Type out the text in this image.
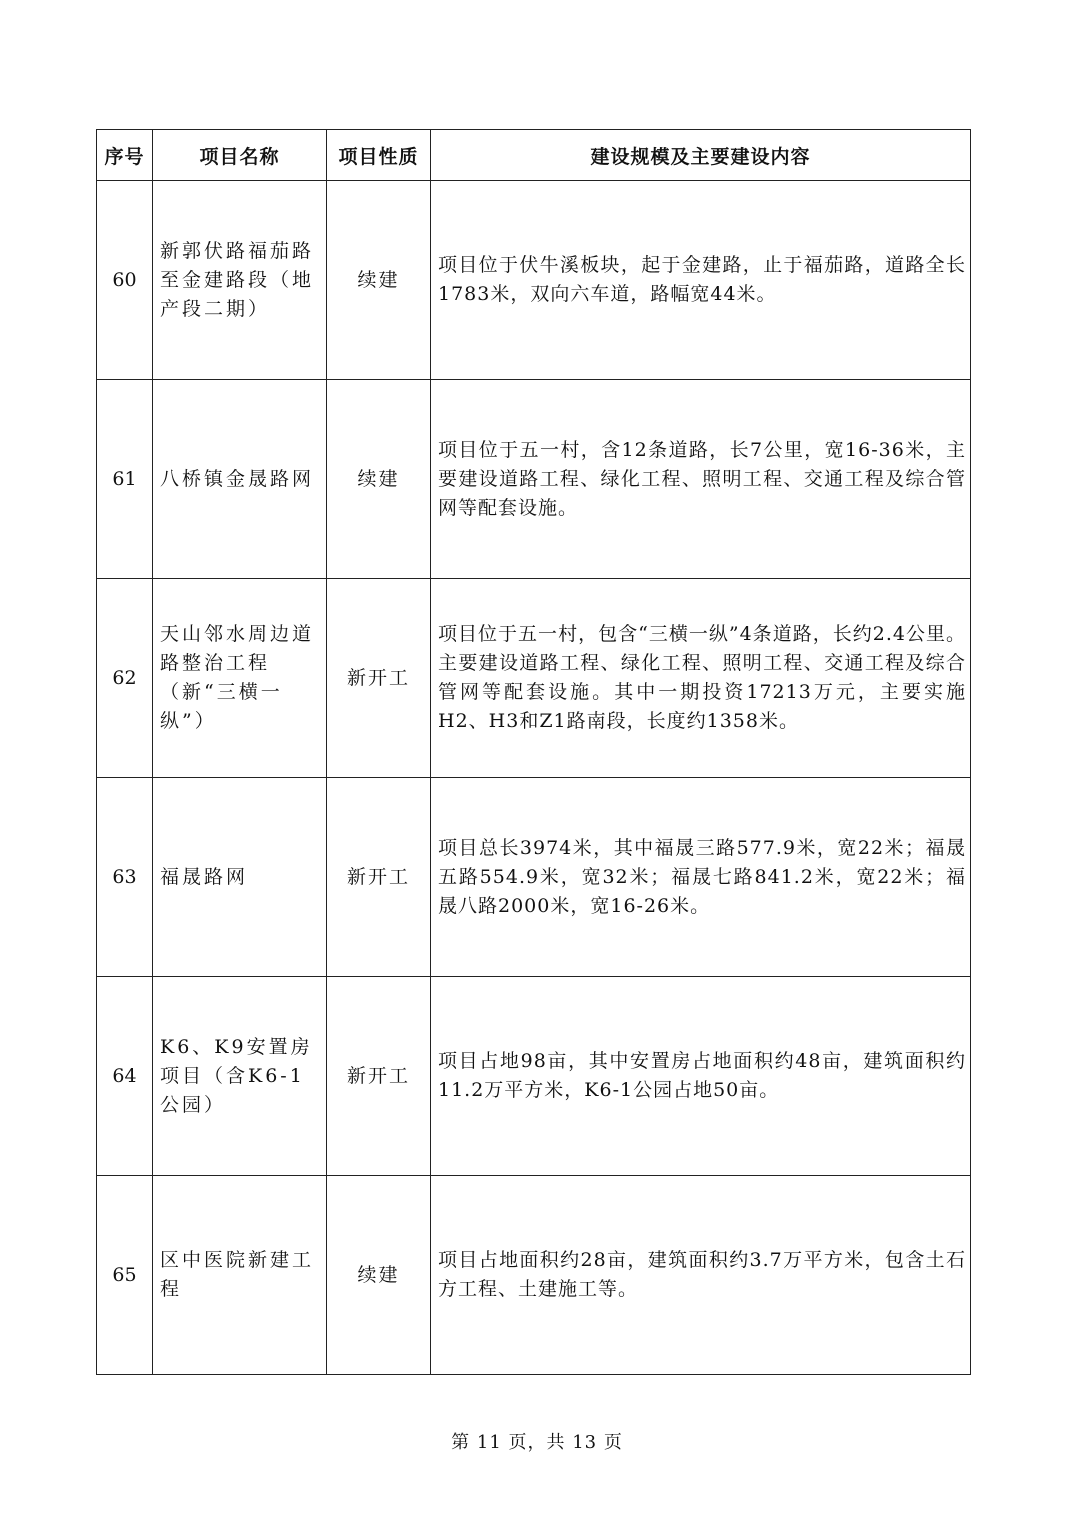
序号	项目名称	项目性质	建设规模及主要建设内容
60	新郭伏路福茄路至金建路段（地产段二期）	续建	项目位于伏牛溪板块，起于金建路，止于福茄路，道路全长1783米，双向六车道，路幅宽44米。
61	八桥镇金晟路网	续建	项目位于五一村，含12条道路，长7公里，宽16-36米，主要建设道路工程、绿化工程、照明工程、交通工程及综合管网等配套设施。
62	天山邻水周边道路整治工程（新“三横一纵”）	新开工	项目位于五一村，包含“三横一纵”4条道路，长约2.4公里。主要建设道路工程、绿化工程、照明工程、交通工程及综合管网等配套设施。其中一期投资17213万元，主要实施H2、H3和Z1路南段，长度约1358米。
63	福晟路网	新开工	项目总长3974米，其中福晟三路577.9米，宽22米；福晟五路554.9米，宽32米；福晟七路841.2米，宽22米；福晟八路2000米，宽16-26米。
64	K6、K9安置房项目（含K6-1公园）	新开工	项目占地98亩，其中安置房占地面积约48亩，建筑面积约11.2万平方米，K6-1公园占地50亩。
65	区中医院新建工程	续建	项目占地面积约28亩，建筑面积约3.7万平方米，包含土石方工程、土建施工等。
第 11 页，共 13 页
